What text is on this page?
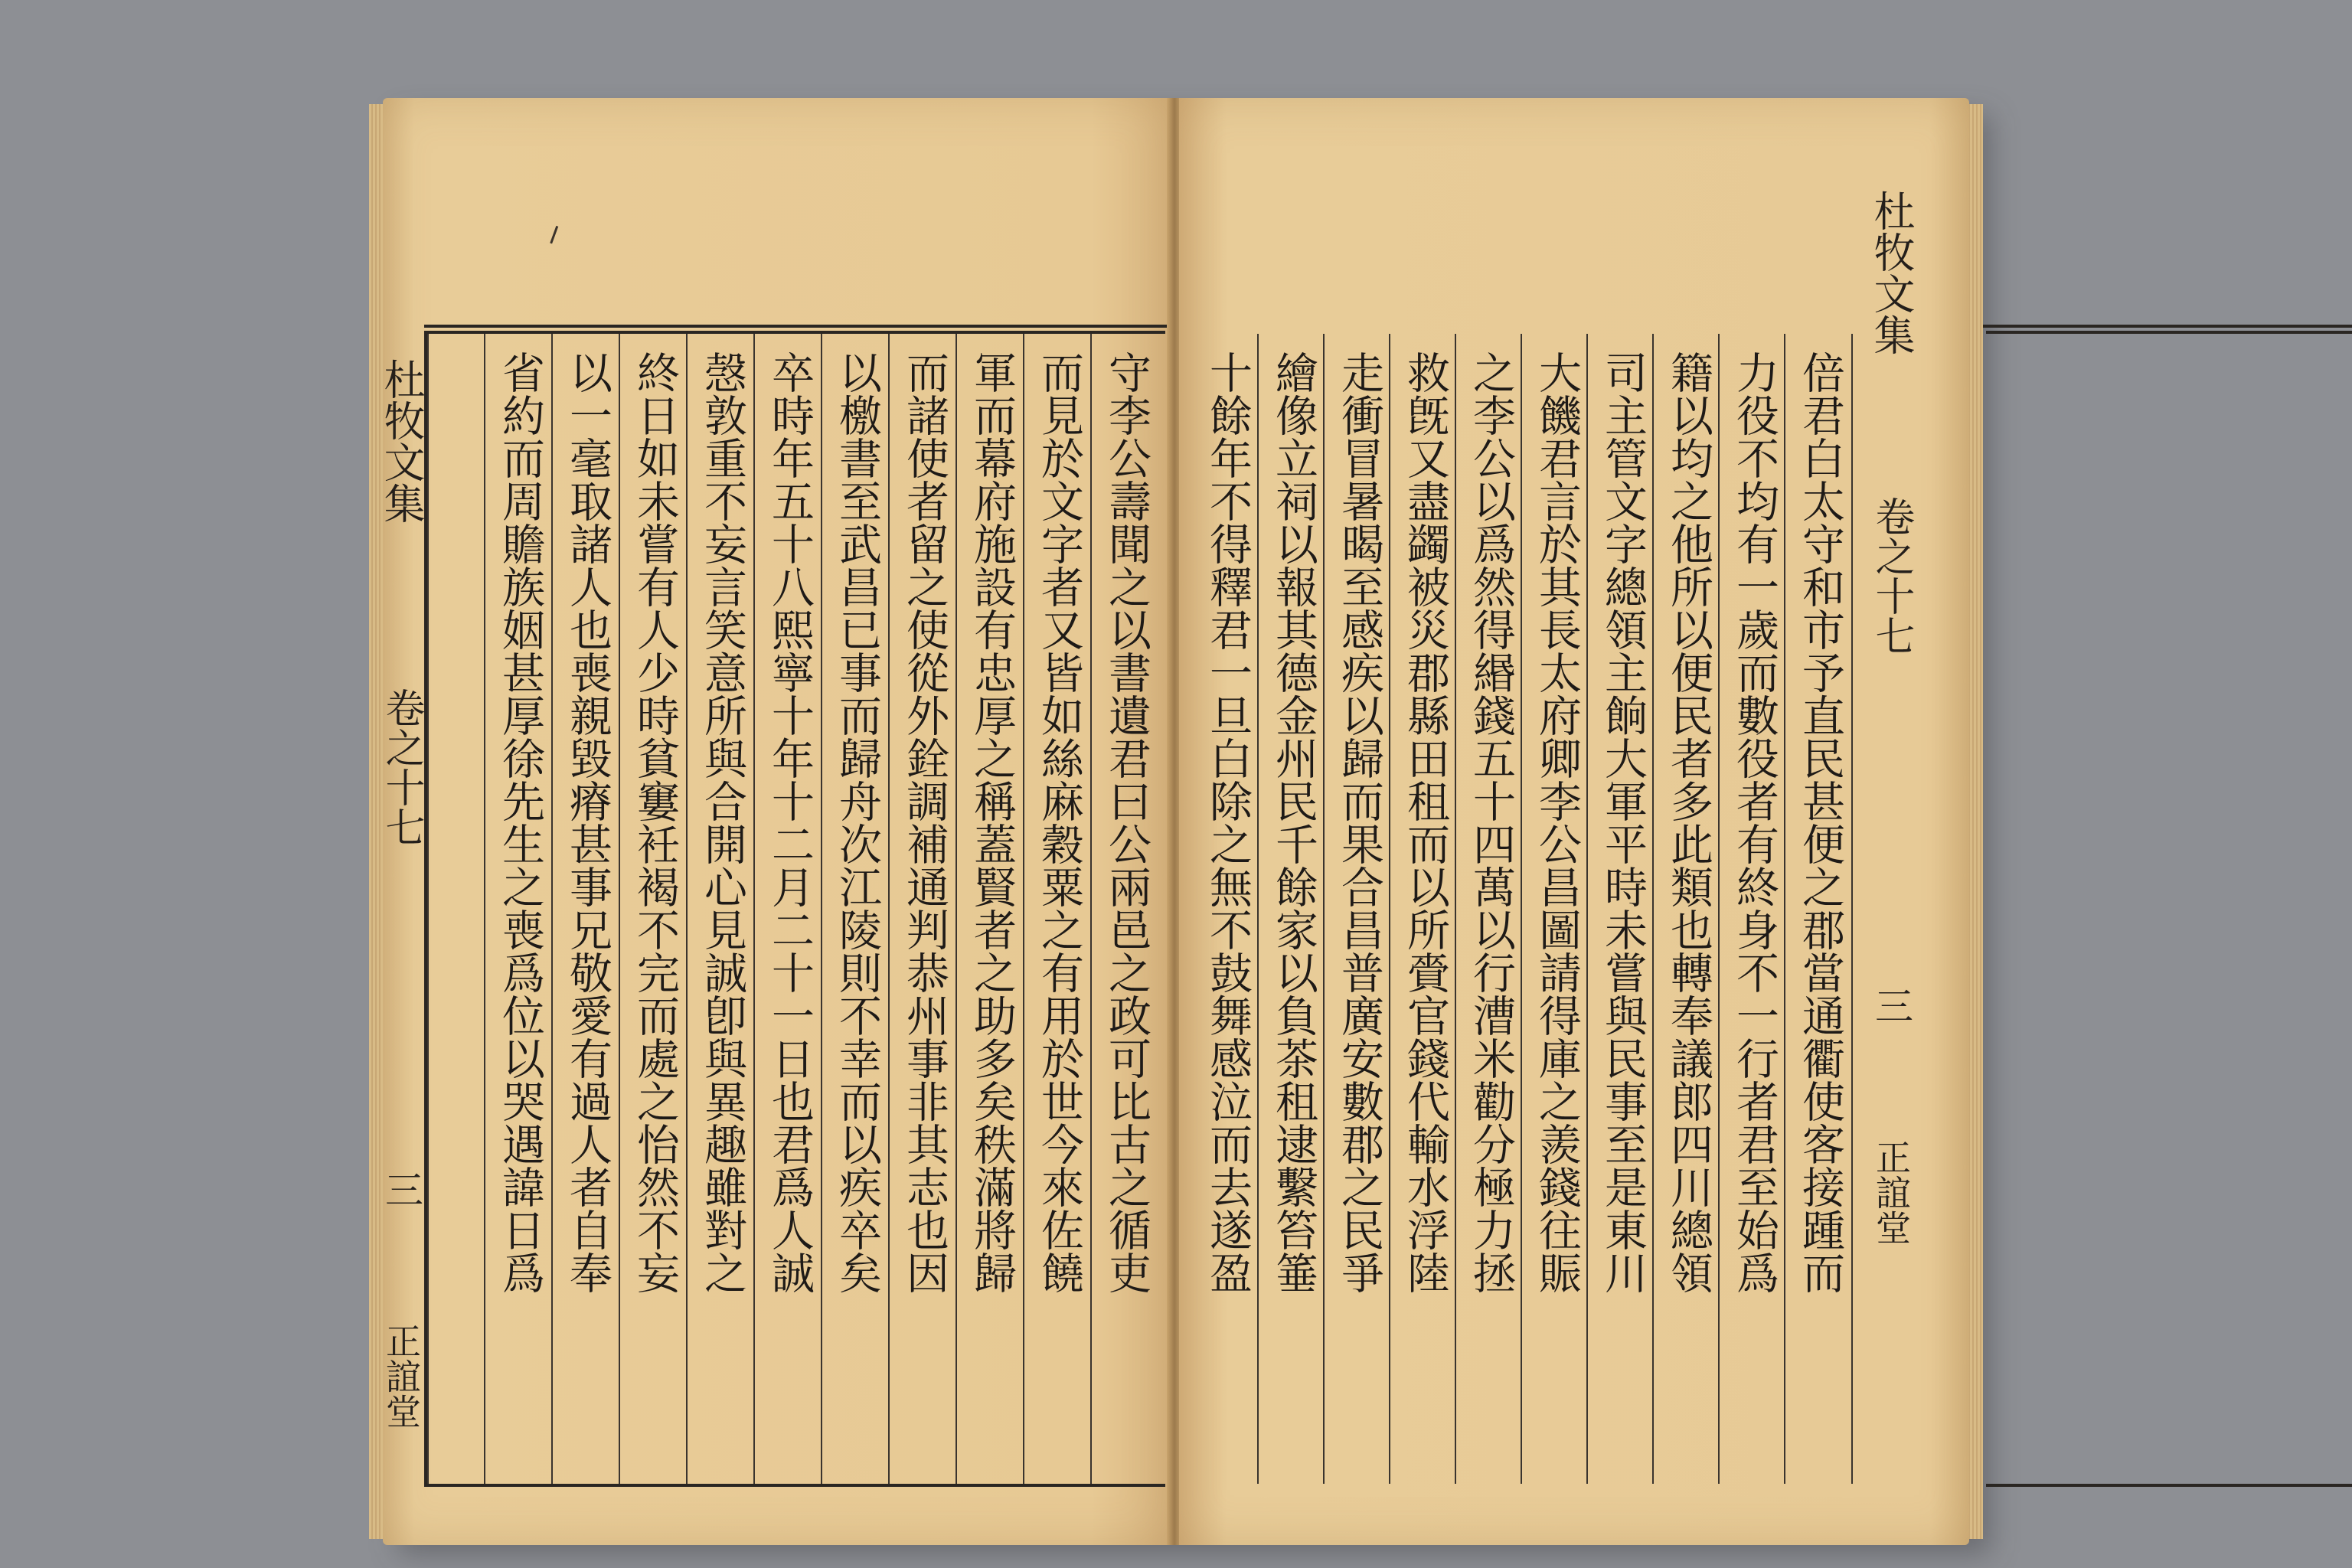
杜牧文集
卷之十七
三
正誼堂
守李公壽聞之以書遺君曰公兩邑之政可比古之循吏
而見於文字者又皆如絲麻穀粟之有用於世今來佐饒
軍而幕府施設有忠厚之稱蓋賢者之助多矣秩滿將歸
而諸使者留之使從外銓調補通判恭州事非其志也因
以檄書至武昌已事而歸舟次江陵則不幸而以疾卒矣
卒時年五十八熙寧十年十二月二十一日也君爲人誠
愨敦重不妄言笑意所與合開心見誠卽與異趣雖對之
終日如未嘗有人少時貧窶衽褐不完而處之怡然不妄
以一毫取諸人也喪親毀瘠甚事兄敬愛有過人者自奉
省約而周贍族姻甚厚徐先生之喪爲位以哭遇諱日爲	十餘年不得釋君一旦白除之無不鼓舞感泣而去遂盈 繪像立祠以報其德金州民千餘家以負茶租逮繫笞箠 走衝冒暑暍至感疾以歸而果合昌普廣安數郡之民爭 救旣又盡蠲被災郡縣田租而以所賫官錢代輸水浮陸 之李公以爲然得緡錢五十四萬以行漕米勸分極力拯 大饑君言於其長太府卿李公昌圖請得庫之羨錢往賑 司主管文字總領主餉大軍平時未嘗與民事至是東川 籍以均之他所以便民者多此類也轉奉議郎四川總領 力役不均有一歲而數役者有終身不一行者君至始爲 倍君白太守和市予直民甚便之郡當通衢使客接踵而
杜牧文集
卷之十七
三
正誼堂
